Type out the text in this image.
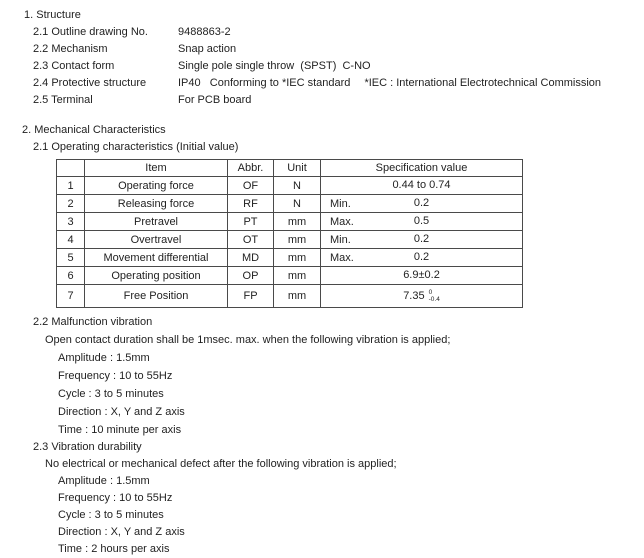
1. Structure
2.1 Outline drawing No.	9488863-2
2.2 Mechanism	Snap action
2.3 Contact form	Single pole single throw  (SPST)  C-NO
2.4 Protective structure	IP40   Conforming to *IEC standard *IEC : International Electrotechnical Commission
2.5 Terminal	For PCB board
2. Mechanical Characteristics
2.1 Operating characteristics (Initial value)
	Item	Abbr.	Unit	Specification value
1	Operating force	OF	N	0.44 to 0.74
2	Releasing force	RF	N	Min. 0.2
3	Pretravel	PT	mm	Max. 0.5
4	Overtravel	OT	mm	Min. 0.2
5	Movement differential	MD	mm	Max. 0.2
6	Operating position	OP	mm	6.9±0.2
7	Free Position	FP	mm	7.35 0
-0.4
2.2 Malfunction vibration
Open contact duration shall be 1msec. max. when the following vibration is applied;
Amplitude : 1.5mm
Frequency : 10 to 55Hz
Cycle : 3 to 5 minutes
Direction : X, Y and Z axis
Time : 10 minute per axis
2.3 Vibration durability
No electrical or mechanical defect after the following vibration is applied;
Amplitude : 1.5mm
Frequency : 10 to 55Hz
Cycle : 3 to 5 minutes
Direction : X, Y and Z axis
Time : 2 hours per axis
